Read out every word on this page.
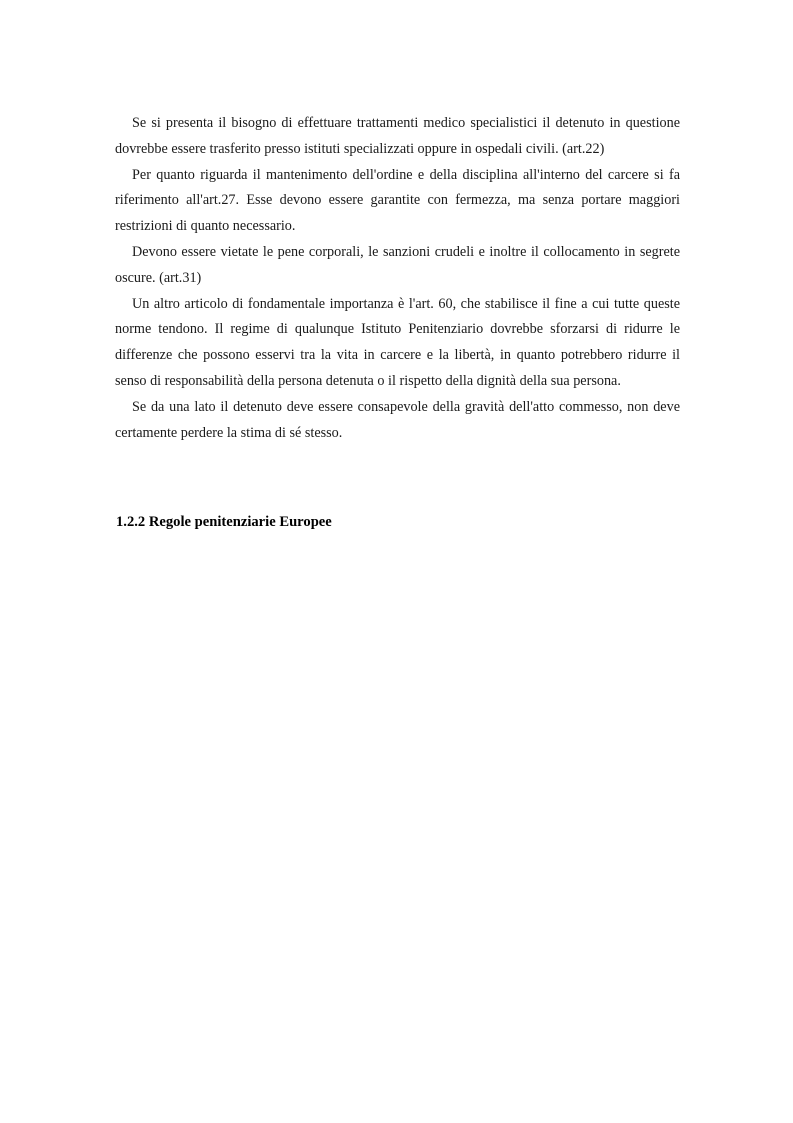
Se si presenta il bisogno di effettuare trattamenti medico specialistici il detenuto in questione dovrebbe essere trasferito presso istituti specializzati oppure in ospedali civili. (art.22)

Per quanto riguarda il mantenimento dell'ordine e della disciplina all'interno del carcere si fa riferimento all'art.27. Esse devono essere garantite con fermezza, ma senza portare maggiori restrizioni di quanto necessario.

Devono essere vietate le pene corporali, le sanzioni crudeli e inoltre il collocamento in segrete oscure. (art.31)

Un altro articolo di fondamentale importanza è l'art. 60, che stabilisce il fine a cui tutte queste norme tendono. Il regime di qualunque Istituto Penitenziario dovrebbe sforzarsi di ridurre le differenze che possono esservi tra la vita in carcere e la libertà, in quanto potrebbero ridurre il senso di responsabilità della persona detenuta o il rispetto della dignità della sua persona.

Se da una lato il detenuto deve essere consapevole della gravità dell'atto commesso, non deve certamente perdere la stima di sé stesso.

1.2.2 Regole penitenziarie Europee
